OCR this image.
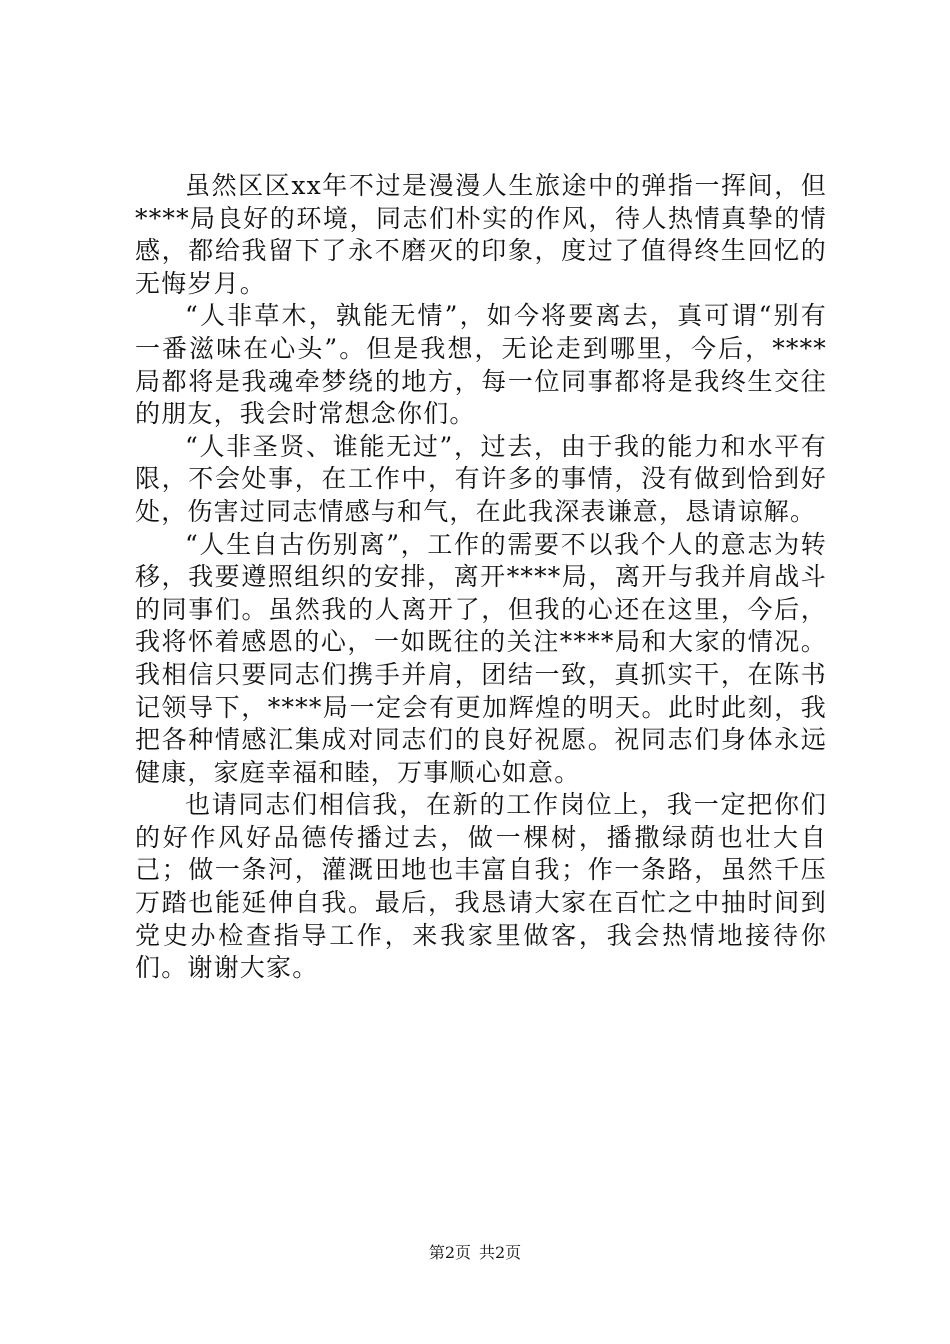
虽然区区xx年不过是漫漫人生旅途中的弹指一挥间，但****局良好的环境，同志们朴实的作风，待人热情真挚的情感，都给我留下了永不磨灭的印象，度过了值得终生回忆的无悔岁月。

“人非草木，孰能无情”，如今将要离去，真可谓“别有一番滋味在心头”。但是我想，无论走到哪里，今后，****局都将是我魂牵梦绕的地方，每一位同事都将是我终生交往的朋友，我会时常想念你们。

“人非圣贤、谁能无过”，过去，由于我的能力和水平有限，不会处事，在工作中，有许多的事情，没有做到恰到好处，伤害过同志情感与和气，在此我深表谦意，恳请谅解。

“人生自古伤别离”，工作的需要不以我个人的意志为转移，我要遵照组织的安排，离开****局，离开与我并肩战斗的同事们。虽然我的人离开了，但我的心还在这里，今后，我将怀着感恩的心，一如既往的关注****局和大家的情况。我相信只要同志们携手并肩，团结一致，真抓实干，在陈书记领导下，****局一定会有更加辉煌的明天。此时此刻，我把各种情感汇集成对同志们的良好祝愿。祝同志们身体永远健康，家庭幸福和睦，万事顺心如意。

也请同志们相信我，在新的工作岗位上，我一定把你们的好作风好品德传播过去，做一棵树，播撒绿荫也壮大自己；做一条河，灌溉田地也丰富自我；作一条路，虽然千压万踏也能延伸自我。最后，我恳请大家在百忙之中抽时间到党史办检查指导工作，来我家里做客，我会热情地接待你们。谢谢大家。

第2页 共2页
